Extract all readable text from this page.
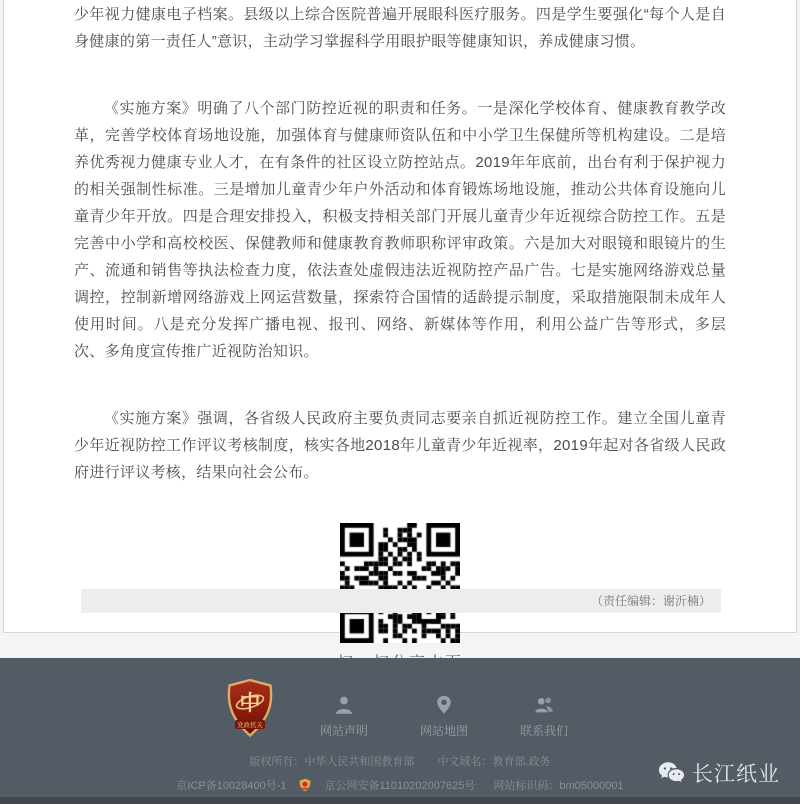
少年视力健康电子档案。县级以上综合医院普遍开展眼科医疗服务。四是学生要强化“每个人是自身健康的第一责任人”意识，主动学习掌握科学用眼护眼等健康知识，养成健康习惯。

《实施方案》明确了八个部门防控近视的职责和任务。一是深化学校体育、健康教育教学改革，完善学校体育场地设施，加强体育与健康师资队伍和中小学卫生保健所等机构建设。二是培养优秀视力健康专业人才，在有条件的社区设立防控站点。2019年年底前，出台有利于保护视力的相关强制性标准。三是增加儿童青少年户外活动和体育锻炼场地设施，推动公共体育设施向儿童青少年开放。四是合理安排投入，积极支持相关部门开展儿童青少年近视综合防控工作。五是完善中小学和高校校医、保健教师和健康教育教师职称评审政策。六是加大对眼镜和眼镜片的生产、流通和销售等执法检查力度，依法查处虚假违法近视防控产品广告。七是实施网络游戏总量调控，控制新增网络游戏上网运营数量，探索符合国情的适龄提示制度，采取措施限制未成年人使用时间。八是充分发挥广播电视、报刊、网络、新媒体等作用，利用公益广告等形式，多层次、多角度宣传推广近视防治知识。

《实施方案》强调，各省级人民政府主要负责同志要亲自抓近视防控工作。建立全国儿童青少年近视防控工作评议考核制度，核实各地2018年儿童青少年近视率，2019年起对各省级人民政府进行评议考核，结果向社会公布。

（责任编辑：谢沂楠）
中
党政机关	网站声明	网站地图	联系我们
版权所有：中华人民共和国教育部 中文域名：教育部.政务
京ICP备10028400号-1	京公网安备11010202007625号 网站标识码：bm05000001	长江纸业
